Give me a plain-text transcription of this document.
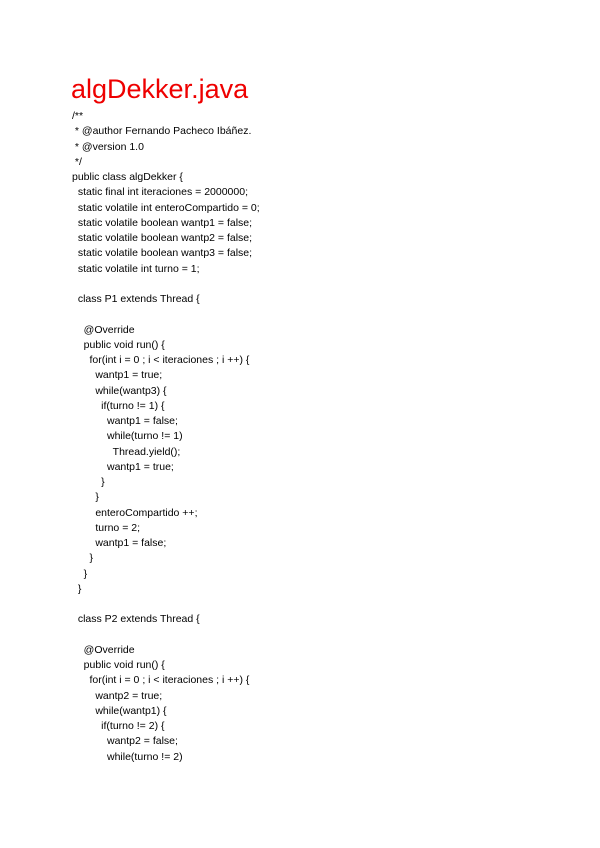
algDekker.java
/**
* @author Fernando Pacheco Ibáñez.
* @version 1.0
*/
public class algDekker {
static final int iteraciones = 2000000;
static volatile int enteroCompartido = 0;
static volatile boolean wantp1 = false;
static volatile boolean wantp2 = false;
static volatile boolean wantp3 = false;
static volatile int turno = 1;
class P1 extends Thread {
@Override
public void run() {
for(int i = 0 ; i < iteraciones ; i ++) {
wantp1 = true;
while(wantp3) {
if(turno != 1) {
wantp1 = false;
while(turno != 1)
Thread.yield();
wantp1 = true;
}
}
enteroCompartido ++;
turno = 2;
wantp1 = false;
}
}
}
class P2 extends Thread {
@Override
public void run() {
for(int i = 0 ; i < iteraciones ; i ++) {
wantp2 = true;
while(wantp1) {
if(turno != 2) {
wantp2 = false;
while(turno != 2)
